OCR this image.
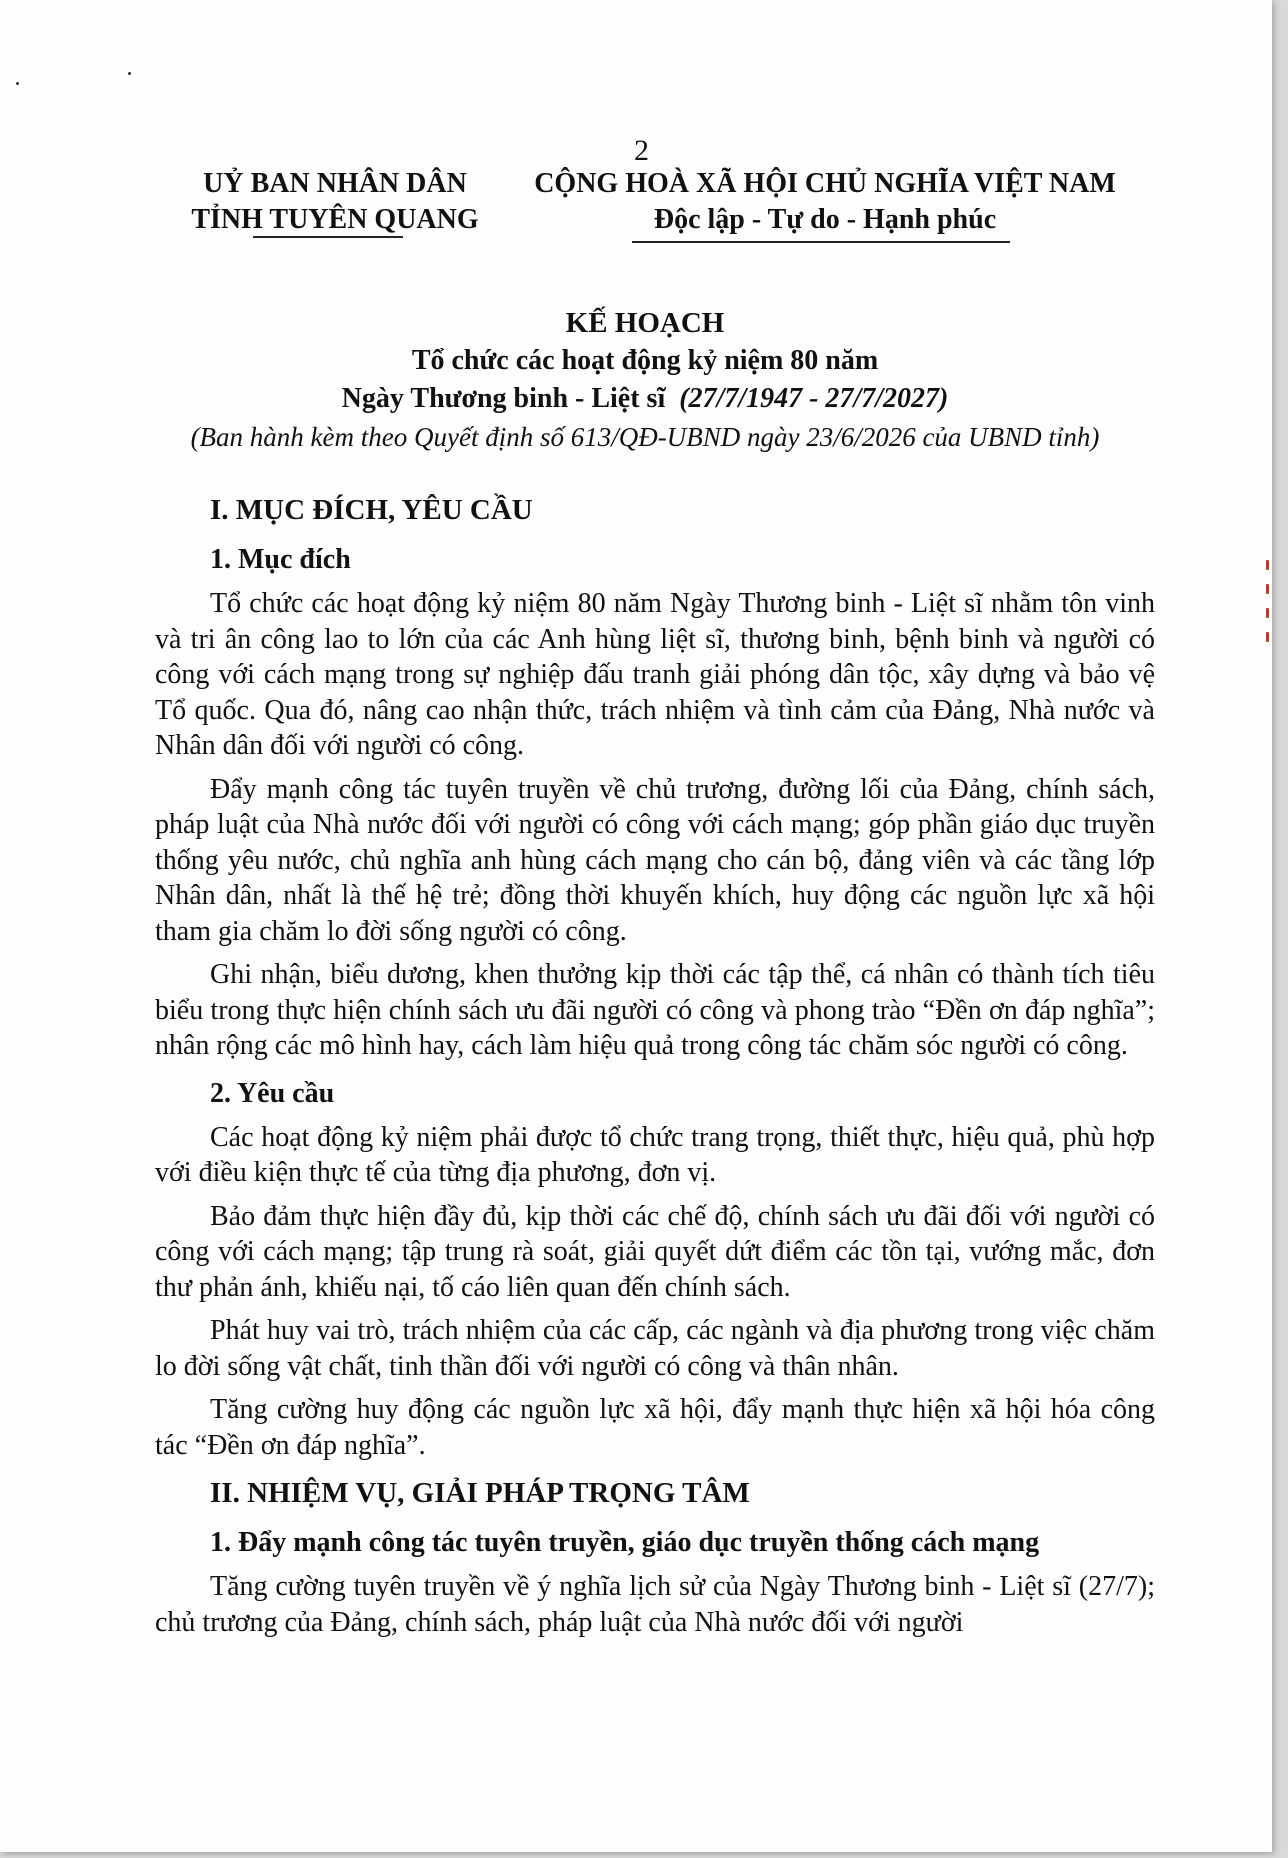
2
UỶ BAN NHÂN DÂN
TỈNH TUYÊN QUANG
CỘNG HOÀ XÃ HỘI CHỦ NGHĨA VIỆT NAM
Độc lập - Tự do - Hạnh phúc
KẾ HOẠCH
Tổ chức các hoạt động kỷ niệm 80 năm
Ngày Thương binh - Liệt sĩ (27/7/1947 - 27/7/2027)
(Ban hành kèm theo Quyết định số 613/QĐ-UBND ngày 23/6/2026 của UBND tỉnh)
I. MỤC ĐÍCH, YÊU CẦU
1. Mục đích

Tổ chức các hoạt động kỷ niệm 80 năm Ngày Thương binh - Liệt sĩ nhằm tôn vinh và tri ân công lao to lớn của các Anh hùng liệt sĩ, thương binh, bệnh binh và người có công với cách mạng trong sự nghiệp đấu tranh giải phóng dân tộc, xây dựng và bảo vệ Tổ quốc. Qua đó, nâng cao nhận thức, trách nhiệm và tình cảm của Đảng, Nhà nước và Nhân dân đối với người có công.

Đẩy mạnh công tác tuyên truyền về chủ trương, đường lối của Đảng, chính sách, pháp luật của Nhà nước đối với người có công với cách mạng; góp phần giáo dục truyền thống yêu nước, chủ nghĩa anh hùng cách mạng cho cán bộ, đảng viên và các tầng lớp Nhân dân, nhất là thế hệ trẻ; đồng thời khuyến khích, huy động các nguồn lực xã hội tham gia chăm lo đời sống người có công.

Ghi nhận, biểu dương, khen thưởng kịp thời các tập thể, cá nhân có thành tích tiêu biểu trong thực hiện chính sách ưu đãi người có công và phong trào “Đền ơn đáp nghĩa”; nhân rộng các mô hình hay, cách làm hiệu quả trong công tác chăm sóc người có công.

2. Yêu cầu

Các hoạt động kỷ niệm phải được tổ chức trang trọng, thiết thực, hiệu quả, phù hợp với điều kiện thực tế của từng địa phương, đơn vị.

Bảo đảm thực hiện đầy đủ, kịp thời các chế độ, chính sách ưu đãi đối với người có công với cách mạng; tập trung rà soát, giải quyết dứt điểm các tồn tại, vướng mắc, đơn thư phản ánh, khiếu nại, tố cáo liên quan đến chính sách.

Phát huy vai trò, trách nhiệm của các cấp, các ngành và địa phương trong việc chăm lo đời sống vật chất, tinh thần đối với người có công và thân nhân.

Tăng cường huy động các nguồn lực xã hội, đẩy mạnh thực hiện xã hội hóa công tác “Đền ơn đáp nghĩa”.

II. NHIỆM VỤ, GIẢI PHÁP TRỌNG TÂM
1. Đẩy mạnh công tác tuyên truyền, giáo dục truyền thống cách mạng

Tăng cường tuyên truyền về ý nghĩa lịch sử của Ngày Thương binh - Liệt sĩ (27/7); chủ trương của Đảng, chính sách, pháp luật của Nhà nước đối với người
